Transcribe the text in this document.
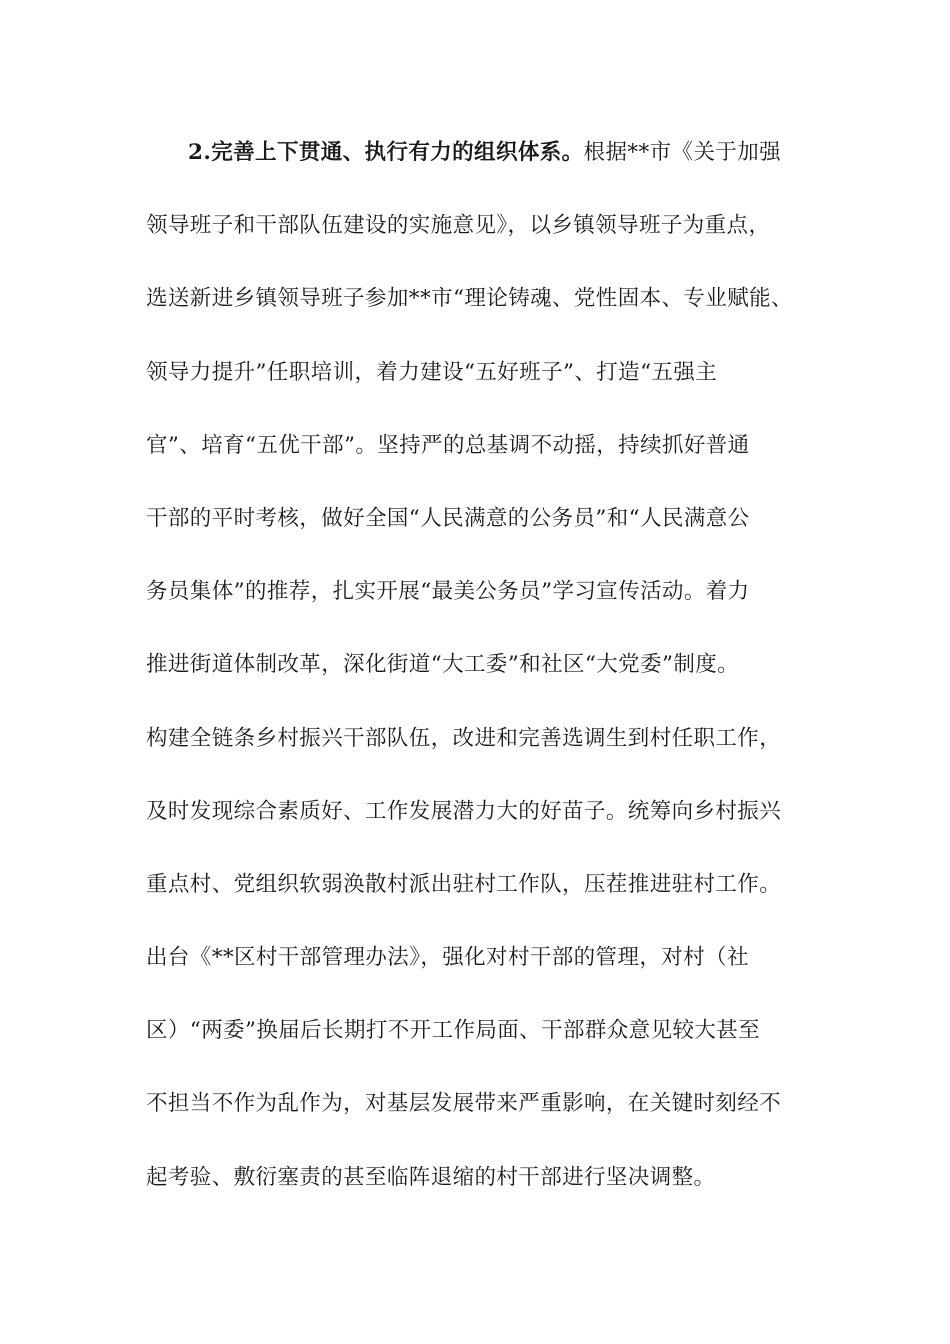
2.完善上下贯通、执行有力的组织体系。根据**市《关于加强
领导班子和干部队伍建设的实施意见》，以乡镇领导班子为重点，
选送新进乡镇领导班子参加**市“理论铸魂、党性固本、专业赋能、
领导力提升”任职培训，着力建设“五好班子”、打造“五强主
官”、培育“五优干部”。坚持严的总基调不动摇，持续抓好普通
干部的平时考核，做好全国“人民满意的公务员”和“人民满意公
务员集体”的推荐，扎实开展“最美公务员”学习宣传活动。着力
推进街道体制改革，深化街道“大工委”和社区“大党委”制度。
构建全链条乡村振兴干部队伍，改进和完善选调生到村任职工作，
及时发现综合素质好、工作发展潜力大的好苗子。统筹向乡村振兴
重点村、党组织软弱涣散村派出驻村工作队，压茬推进驻村工作。
出台《**区村干部管理办法》，强化对村干部的管理，对村（社
区）“两委”换届后长期打不开工作局面、干部群众意见较大甚至
不担当不作为乱作为，对基层发展带来严重影响，在关键时刻经不
起考验、敷衍塞责的甚至临阵退缩的村干部进行坚决调整。
